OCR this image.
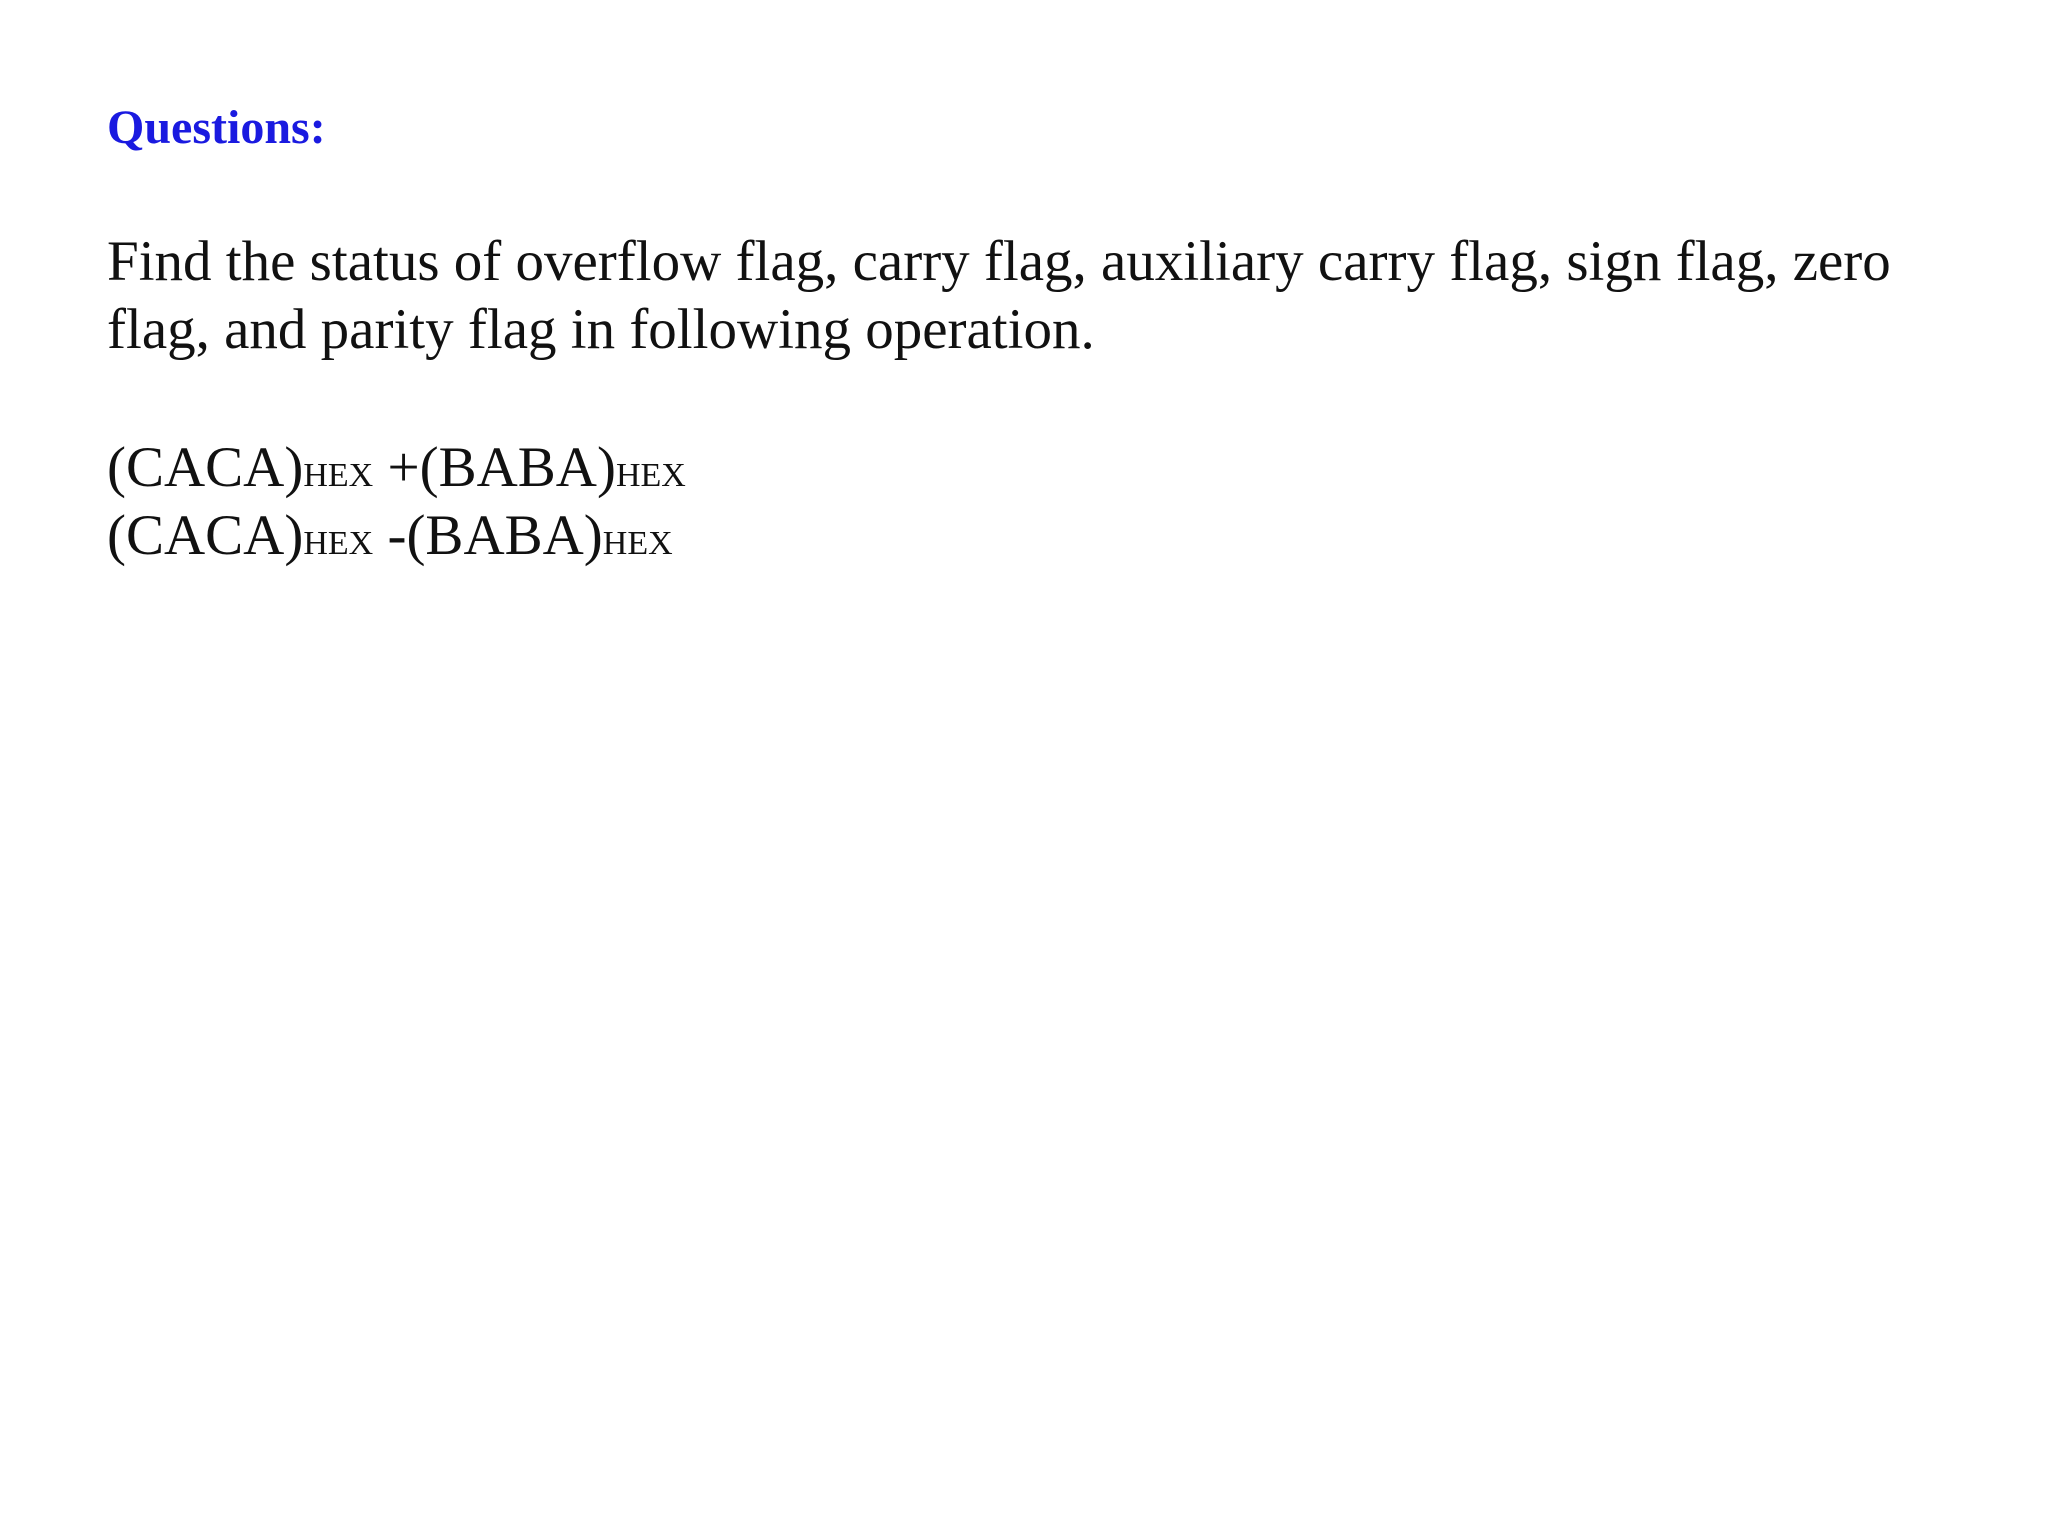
Questions:

Find the status of overflow flag, carry flag, auxiliary carry flag, sign flag, zero flag, and parity flag in following operation.

(CACA)HEX +(BABA)HEX
(CACA)HEX -(BABA)HEX
